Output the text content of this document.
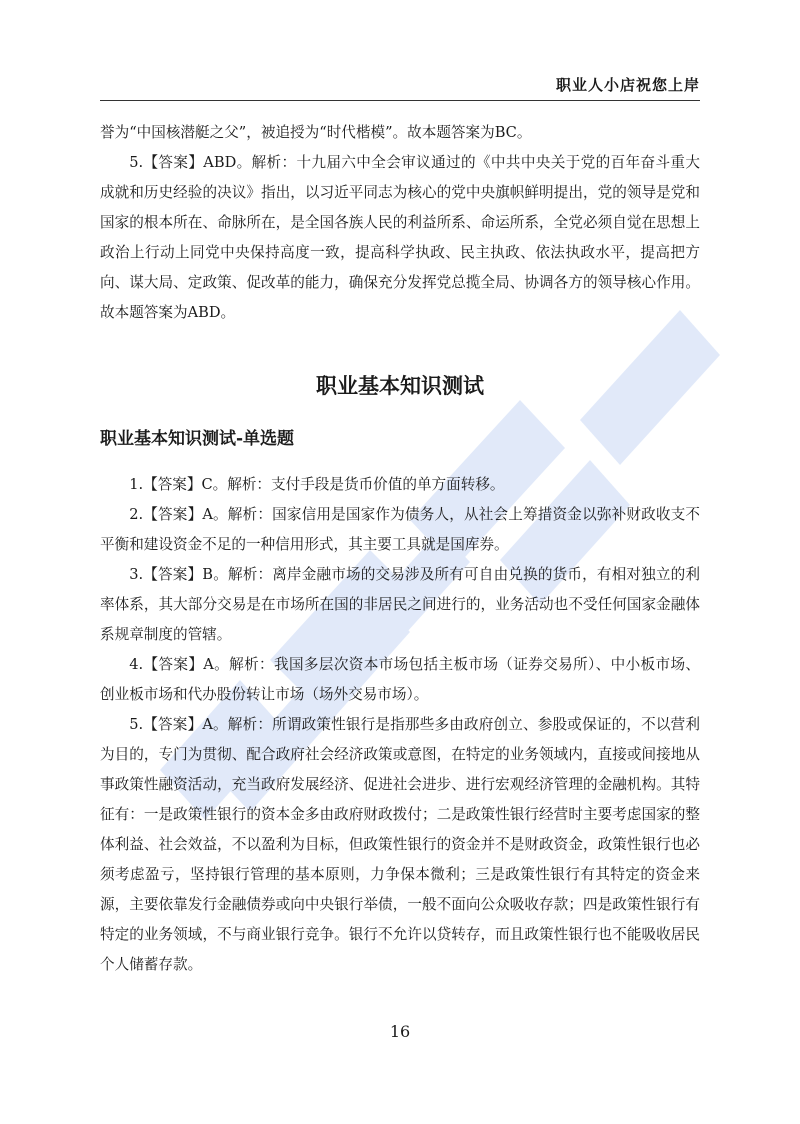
职业人小店祝您上岸

誉为“中国核潜艇之父”，被追授为“时代楷模”。故本题答案为BC。

5.【答案】ABD。解析：十九届六中全会审议通过的《中共中央关于党的百年奋斗重大成就和历史经验的决议》指出，以习近平同志为核心的党中央旗帜鲜明提出，党的领导是党和国家的根本所在、命脉所在，是全国各族人民的利益所系、命运所系，全党必须自觉在思想上政治上行动上同党中央保持高度一致，提高科学执政、民主执政、依法执政水平，提高把方向、谋大局、定政策、促改革的能力，确保充分发挥党总揽全局、协调各方的领导核心作用。故本题答案为ABD。

职业基本知识测试
职业基本知识测试-单选题

1.【答案】C。解析：支付手段是货币价值的单方面转移。

2.【答案】A。解析：国家信用是国家作为债务人，从社会上筹措资金以弥补财政收支不平衡和建设资金不足的一种信用形式，其主要工具就是国库券。

3.【答案】B。解析：离岸金融市场的交易涉及所有可自由兑换的货币，有相对独立的利率体系，其大部分交易是在市场所在国的非居民之间进行的，业务活动也不受任何国家金融体系规章制度的管辖。

4.【答案】A。解析：我国多层次资本市场包括主板市场（证券交易所）、中小板市场、创业板市场和代办股份转让市场（场外交易市场）。

5.【答案】A。解析：所谓政策性银行是指那些多由政府创立、参股或保证的，不以营利为目的，专门为贯彻、配合政府社会经济政策或意图，在特定的业务领域内，直接或间接地从事政策性融资活动，充当政府发展经济、促进社会进步、进行宏观经济管理的金融机构。其特征有：一是政策性银行的资本金多由政府财政拨付；二是政策性银行经营时主要考虑国家的整体利益、社会效益，不以盈利为目标，但政策性银行的资金并不是财政资金，政策性银行也必须考虑盈亏，坚持银行管理的基本原则，力争保本微利；三是政策性银行有其特定的资金来源，主要依靠发行金融债券或向中央银行举债，一般不面向公众吸收存款；四是政策性银行有特定的业务领域，不与商业银行竞争。银行不允许以贷转存，而且政策性银行也不能吸收居民个人储蓄存款。

16
